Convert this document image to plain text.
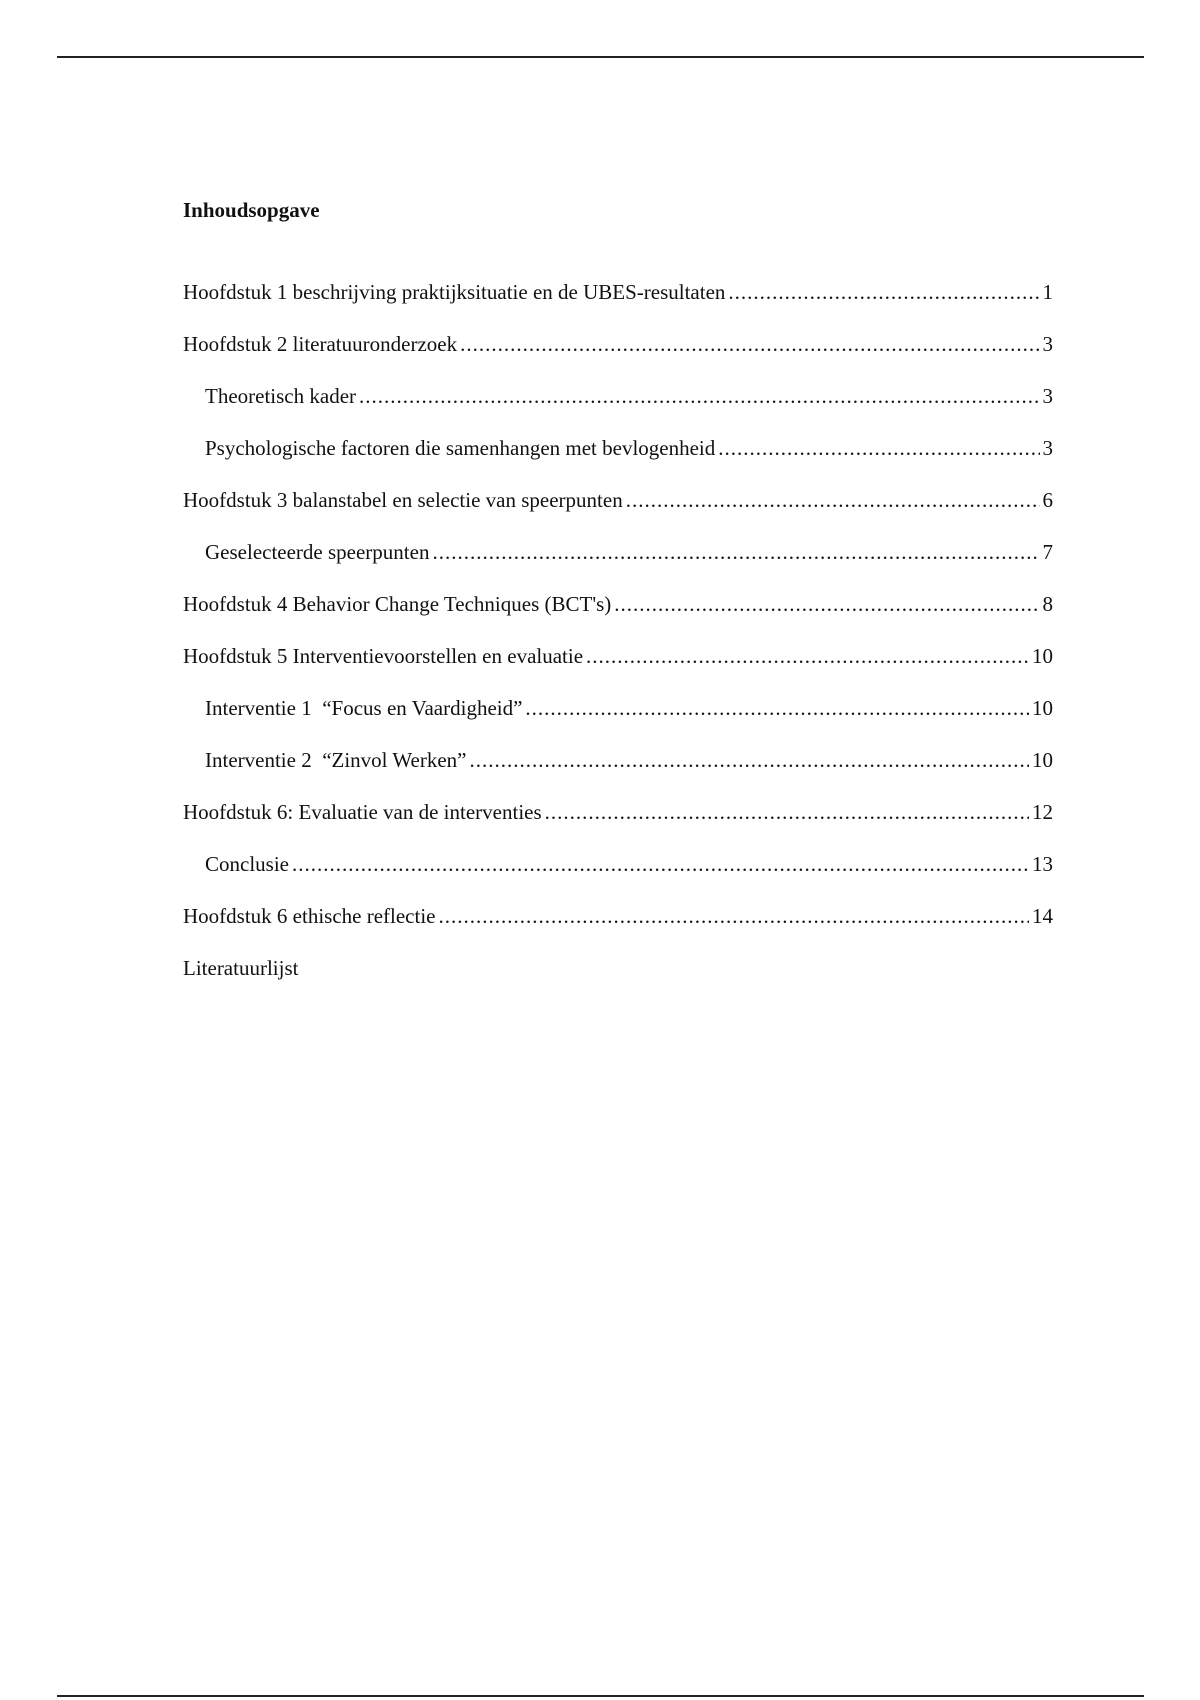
Inhoudsopgave
Hoofdstuk 1 beschrijving praktijksituatie en de UBES-resultaten .....	1
Hoofdstuk 2 literatuuronderzoek .....	3
Theoretisch kader .....	3
Psychologische factoren die samenhangen met bevlogenheid .....	3
Hoofdstuk 3 balanstabel en selectie van speerpunten .....	6
Geselecteerde speerpunten .....	7
Hoofdstuk 4 Behavior Change Techniques (BCT's) .....	8
Hoofdstuk 5 Interventievoorstellen en evaluatie .....	10
Interventie 1  “Focus en Vaardigheid” .....	10
Interventie 2  “Zinvol Werken” .....	10
Hoofdstuk 6: Evaluatie van de interventies .....	12
Conclusie .....	13
Hoofdstuk 6 ethische reflectie .....	14
Literatuurlijst
